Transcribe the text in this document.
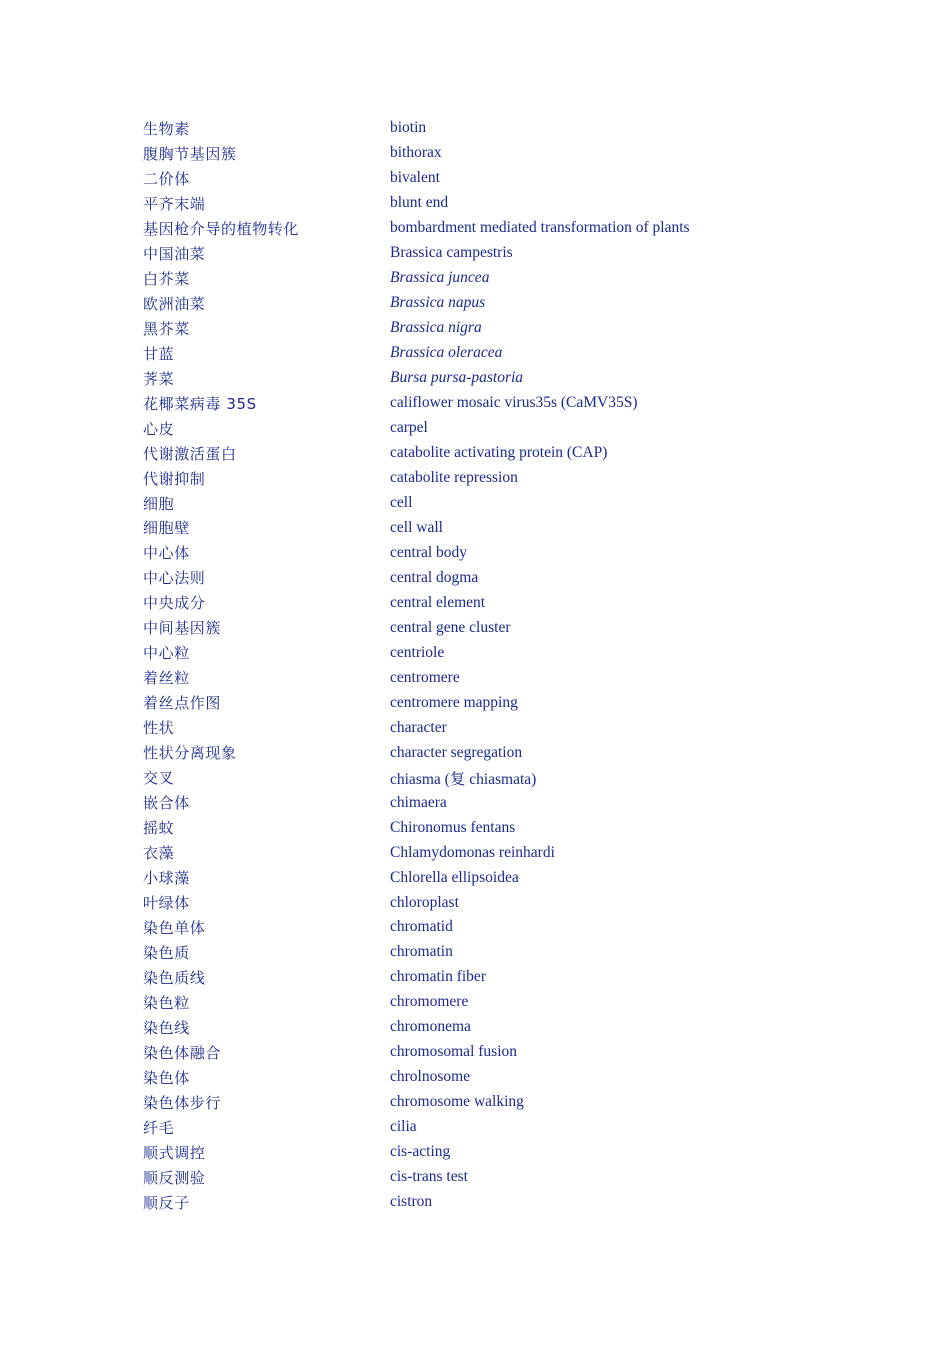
生物素	biotin
腹胸节基因簇	bithorax
二价体	bivalent
平齐末端	blunt end
基因枪介导的植物转化	bombardment mediated transformation of plants
中国油菜	Brassica campestris
白芥菜	Brassica juncea
欧洲油菜	Brassica napus
黑芥菜	Brassica nigra
甘蓝	Brassica oleracea
荠菜	Bursa pursa-pastoria
花椰菜病毒 35S	califlower mosaic virus35s (CaMV35S)
心皮	carpel
代谢激活蛋白	catabolite activating protein (CAP)
代谢抑制	catabolite repression
细胞	cell
细胞壁	cell wall
中心体	central body
中心法则	central dogma
中央成分	central element
中间基因簇	central gene cluster
中心粒	centriole
着丝粒	centromere
着丝点作图	centromere mapping
性状	character
性状分离现象	character segregation
交叉	chiasma (复 chiasmata)
嵌合体	chimaera
摇蚊	Chironomus fentans
衣藻	Chlamydomonas reinhardi
小球藻	Chlorella ellipsoidea
叶绿体	chloroplast
染色单体	chromatid
染色质	chromatin
染色质线	chromatin fiber
染色粒	chromomere
染色线	chromonema
染色体融合	chromosomal fusion
染色体	chrolnosome
染色体步行	chromosome walking
纤毛	cilia
顺式调控	cis-acting
顺反测验	cis-trans test
顺反子	cistron
